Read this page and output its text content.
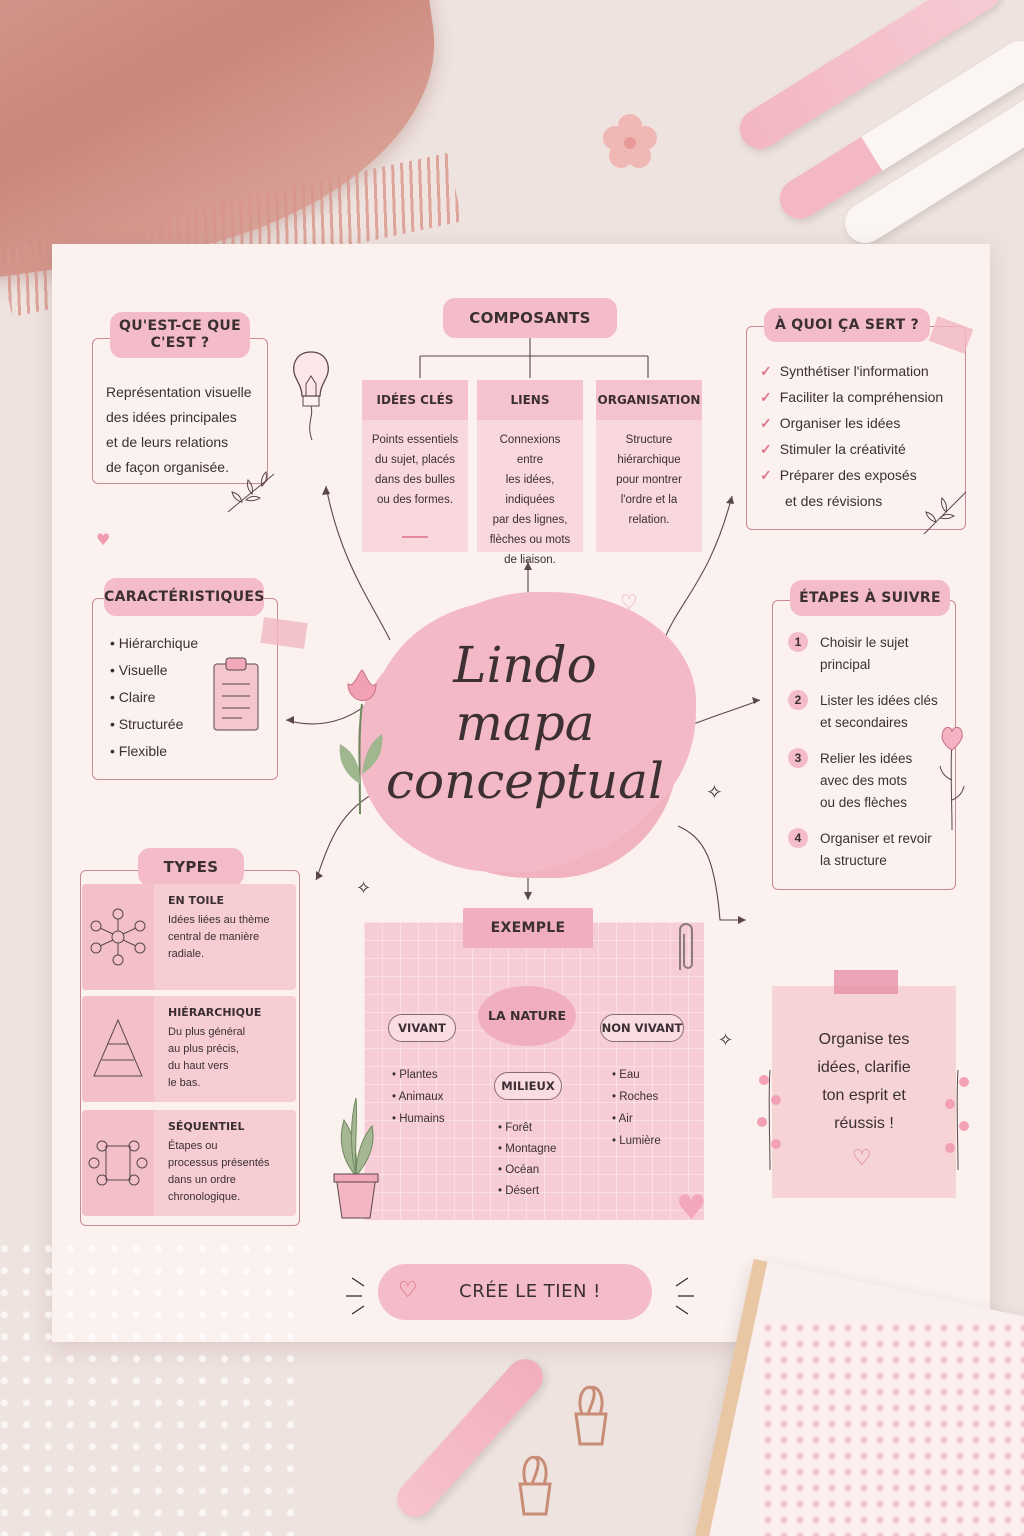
QU'EST-CE QUE
C'EST ?
Représentation visuelle
des idées principales
et de leurs relations
de façon organisée.
♥
COMPOSANTS
IDÉES CLÉS
Points essentiels
du sujet, placés
dans des bulles
ou des formes.
LIENS
Connexions entre
les idées, indiquées
par des lignes,
flèches ou mots
de liaison.
ORGANISATION
Structure
hiérarchique
pour montrer
l'ordre et la
relation.
À QUOI ÇA SERT ?
✓ Synthétiser l'information
✓ Faciliter la compréhension
✓ Organiser les idées
✓ Stimuler la créativité
✓ Préparer des exposés
et des révisions
CARACTÉRISTIQUES
• Hiérarchique
• Visuelle
• Claire
• Structurée
• Flexible
Lindo
mapa
conceptual
♡
✧
✧
ÉTAPES À SUIVRE
1	Choisir le sujet
principal
2	Lister les idées clés
et secondaires
3	Relier les idées
avec des mots
ou des flèches
4	Organiser et revoir
la structure
TYPES
EN TOILE
Idées liées au thème
central de manière
radiale.
HIÉRARCHIQUE
Du plus général
au plus précis,
du haut vers
le bas.
SÉQUENTIEL
Étapes ou
processus présentés
dans un ordre
chronologique.
EXEMPLE
LA NATURE
VIVANT	NON VIVANT
MILIEUX
• Plantes
• Animaux
• Humains
• Eau
• Roches
• Air
• Lumière
• Forêt
• Montagne
• Océan
• Désert	♥
Organise tes
idées, clarifie
ton esprit et
réussis !
♡
✧
♡ CRÉE LE TIEN !
